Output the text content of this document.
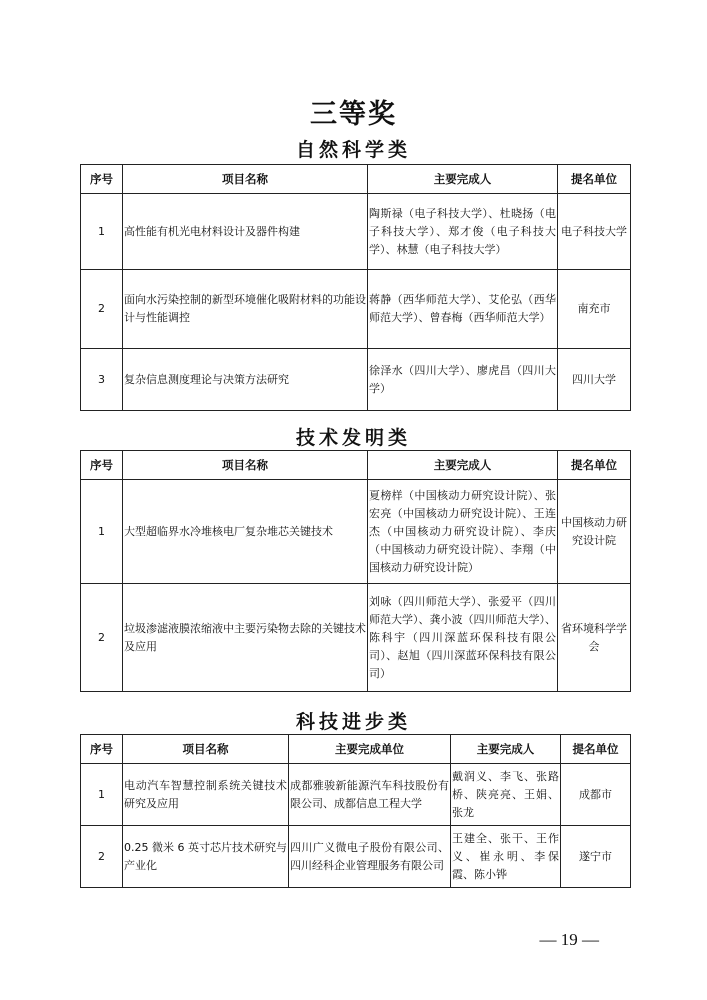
三等奖
自然科学类
序号	项目名称	主要完成人	提名单位
1	高性能有机光电材料设计及器件构建	陶斯禄（电子科技大学）、杜晓扬（电子科技大学）、郑才俊（电子科技大学）、林慧（电子科技大学）	电子科技大学
2	面向水污染控制的新型环境催化吸附材料的功能设计与性能调控	蒋静（西华师范大学）、艾伦弘（西华师范大学）、曾春梅（西华师范大学）	南充市
3	复杂信息测度理论与决策方法研究	徐泽水（四川大学）、廖虎昌（四川大学）	四川大学
技术发明类
序号	项目名称	主要完成人	提名单位
1	大型超临界水冷堆核电厂复杂堆芯关键技术	夏榜样（中国核动力研究设计院）、张宏亮（中国核动力研究设计院）、王连杰（中国核动力研究设计院）、李庆（中国核动力研究设计院）、李翔（中国核动力研究设计院）	中国核动力研究设计院
2	垃圾渗滤液膜浓缩液中主要污染物去除的关键技术及应用	刘咏（四川师范大学）、张爱平（四川师范大学）、龚小波（四川师范大学）、陈科宇（四川深蓝环保科技有限公司）、赵旭（四川深蓝环保科技有限公司）	省环境科学学会
科技进步类
序号	项目名称	主要完成单位	主要完成人	提名单位
1	电动汽车智慧控制系统关键技术研究及应用	成都雅骏新能源汽车科技股份有限公司、成都信息工程大学	戴润义、李飞、张路桥、陕亮亮、王娟、张龙	成都市
2	0.25 微米 6 英寸芯片技术研究与产业化	四川广义微电子股份有限公司、四川经科企业管理服务有限公司	王建全、张干、王作义、崔永明、李保霞、陈小铧	遂宁市
— 19 —
